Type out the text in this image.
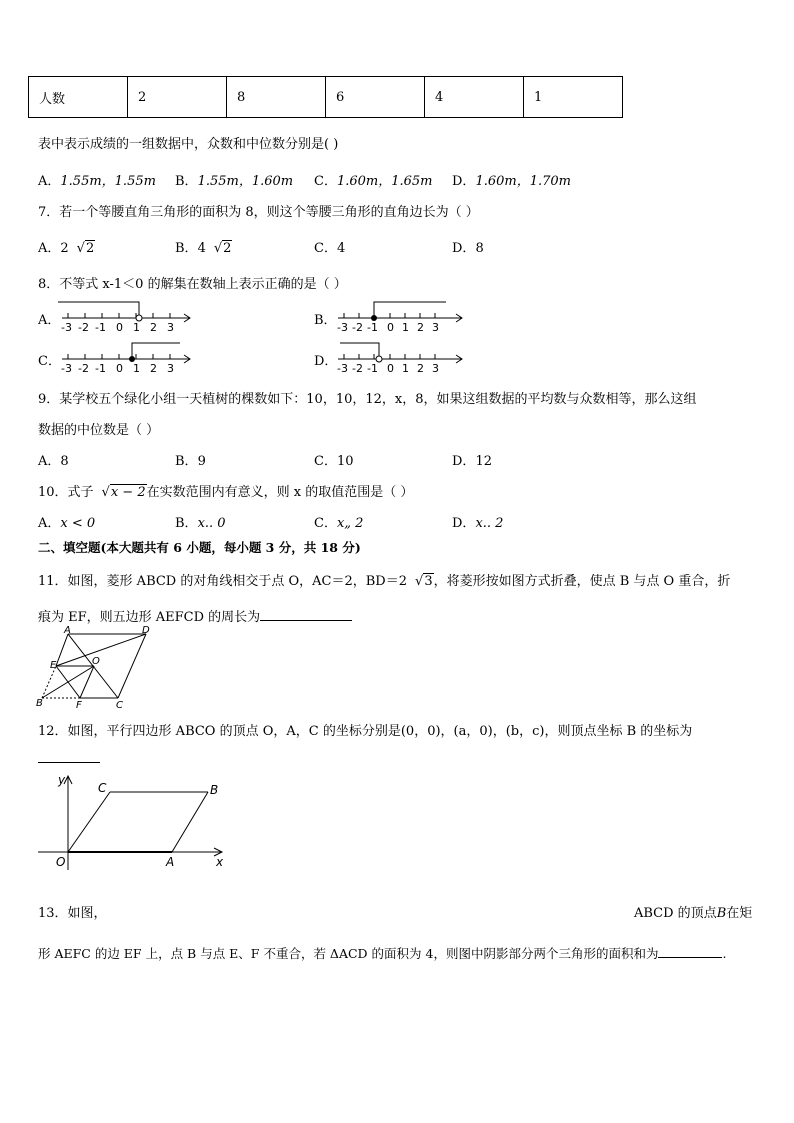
人数	2	8	6	4	1
表中表示成绩的一组数据中，众数和中位数分别是( )
A．1.55m，1.55m B．1.55m，1.60m C．1.60m，1.65m D．1.60m，1.70m
7．若一个等腰直角三角形的面积为 8，则这个等腰三角形的直角边长为（ ）
A．2 √2	B．4 √2	C．4	D．8
8．不等式 x-1＜0 的解集在数轴上表示正确的是（ ）
A． -3 -2 -1 0 1 2 3	B． -3 -2 -1 0 1 2 3
C． -3 -2 -1 0 1 2 3	D． -3 -2 -1 0 1 2 3
9．某学校五个绿化小组一天植树的棵数如下：10，10，12，x，8，如果这组数据的平均数与众数相等，那么这组
数据的中位数是（ ）
A．8	B．9	C．10	D．12
10．式子 √x − 2在实数范围内有意义，则 x 的取值范围是（ ）
A．x < 0	B．x.. 0	C．x„ 2	D．x.. 2
二、填空题(本大题共有 6 小题，每小题 3 分，共 18 分)
11．如图，菱形 ABCD 的对角线相交于点 O，AC＝2，BD＝2 √3，将菱形按如图方式折叠，使点 B 与点 O 重合，折
痕为 EF，则五边形 AEFCD 的周长为
A	D
E	O
B	F	C
12．如图，平行四边形 ABCO 的顶点 O，A，C 的坐标分别是(0，0)，(a，0)，(b，c)，则顶点坐标 B 的坐标为
y
C	B
O	A	x
13．如图，	ABCD 的顶点B在矩
形 AEFC 的边 EF 上，点 B 与点 E、F 不重合，若 ΔACD 的面积为 4，则图中阴影部分两个三角形的面积和为	.
